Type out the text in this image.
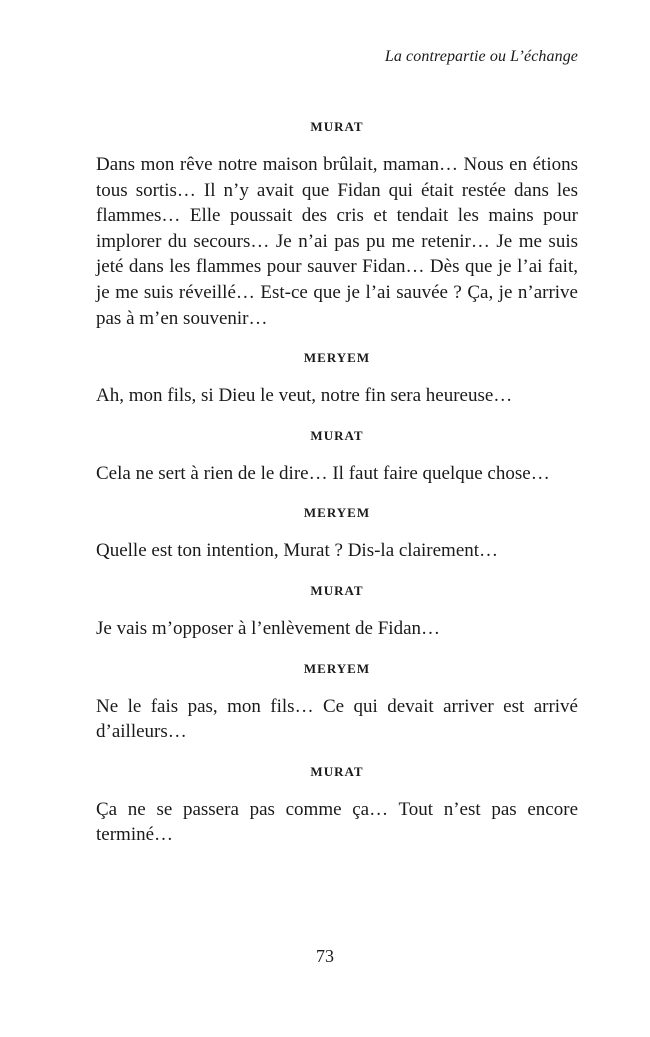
La contrepartie ou L’échange
MURAT

Dans mon rêve notre maison brûlait, maman… Nous en étions tous sortis… Il n’y avait que Fidan qui était restée dans les flammes… Elle poussait des cris et tendait les mains pour implorer du secours… Je n’ai pas pu me retenir… Je me suis jeté dans les flammes pour sauver Fidan… Dès que je l’ai fait, je me suis réveillé… Est-ce que je l’ai sauvée ? Ça, je n’arrive pas à m’en souvenir…

MERYEM

Ah, mon fils, si Dieu le veut, notre fin sera heureuse…

MURAT

Cela ne sert à rien de le dire… Il faut faire quelque chose…

MERYEM

Quelle est ton intention, Murat ? Dis-la clairement…

MURAT

Je vais m’opposer à l’enlèvement de Fidan…

MERYEM

Ne le fais pas, mon fils… Ce qui devait arriver est arrivé d’ailleurs…

MURAT

Ça ne se passera pas comme ça… Tout n’est pas encore terminé…

73
